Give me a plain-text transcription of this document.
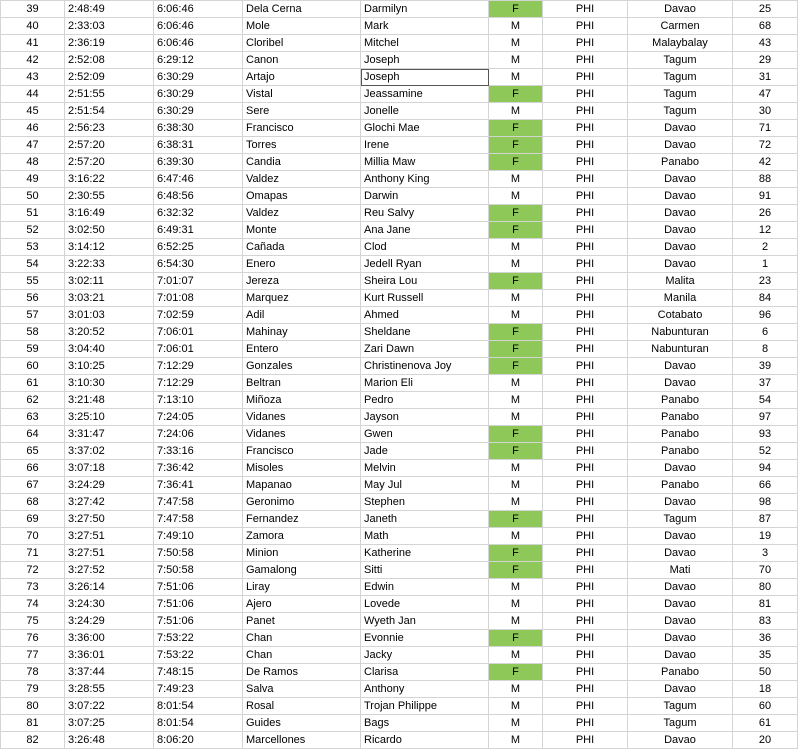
39	2:48:49	6:06:46	Dela Cerna	Darmilyn	F	PHI	Davao	25
40	2:33:03	6:06:46	Mole	Mark	M	PHI	Carmen	68
41	2:36:19	6:06:46	Cloribel	Mitchel	M	PHI	Malaybalay	43
42	2:52:08	6:29:12	Canon	Joseph	M	PHI	Tagum	29
43	2:52:09	6:30:29	Artajo	Joseph	M	PHI	Tagum	31
44	2:51:55	6:30:29	Vistal	Jeassamine	F	PHI	Tagum	47
45	2:51:54	6:30:29	Sere	Jonelle	M	PHI	Tagum	30
46	2:56:23	6:38:30	Francisco	Glochi Mae	F	PHI	Davao	71
47	2:57:20	6:38:31	Torres	Irene	F	PHI	Davao	72
48	2:57:20	6:39:30	Candia	Millia Maw	F	PHI	Panabo	42
49	3:16:22	6:47:46	Valdez	Anthony King	M	PHI	Davao	88
50	2:30:55	6:48:56	Omapas	Darwin	M	PHI	Davao	91
51	3:16:49	6:32:32	Valdez	Reu Salvy	F	PHI	Davao	26
52	3:02:50	6:49:31	Monte	Ana Jane	F	PHI	Davao	12
53	3:14:12	6:52:25	Cañada	Clod	M	PHI	Davao	2
54	3:22:33	6:54:30	Enero	Jedell Ryan	M	PHI	Davao	1
55	3:02:11	7:01:07	Jereza	Sheira Lou	F	PHI	Malita	23
56	3:03:21	7:01:08	Marquez	Kurt Russell	M	PHI	Manila	84
57	3:01:03	7:02:59	Adil	Ahmed	M	PHI	Cotabato	96
58	3:20:52	7:06:01	Mahinay	Sheldane	F	PHI	Nabunturan	6
59	3:04:40	7:06:01	Entero	Zari Dawn	F	PHI	Nabunturan	8
60	3:10:25	7:12:29	Gonzales	Christinenova Joy	F	PHI	Davao	39
61	3:10:30	7:12:29	Beltran	Marion Eli	M	PHI	Davao	37
62	3:21:48	7:13:10	Miñoza	Pedro	M	PHI	Panabo	54
63	3:25:10	7:24:05	Vidanes	Jayson	M	PHI	Panabo	97
64	3:31:47	7:24:06	Vidanes	Gwen	F	PHI	Panabo	93
65	3:37:02	7:33:16	Francisco	Jade	F	PHI	Panabo	52
66	3:07:18	7:36:42	Misoles	Melvin	M	PHI	Davao	94
67	3:24:29	7:36:41	Mapanao	May Jul	M	PHI	Panabo	66
68	3:27:42	7:47:58	Geronimo	Stephen	M	PHI	Davao	98
69	3:27:50	7:47:58	Fernandez	Janeth	F	PHI	Tagum	87
70	3:27:51	7:49:10	Zamora	Math	M	PHI	Davao	19
71	3:27:51	7:50:58	Minion	Katherine	F	PHI	Davao	3
72	3:27:52	7:50:58	Gamalong	Sitti	F	PHI	Mati	70
73	3:26:14	7:51:06	Liray	Edwin	M	PHI	Davao	80
74	3:24:30	7:51:06	Ajero	Lovede	M	PHI	Davao	81
75	3:24:29	7:51:06	Panet	Wyeth Jan	M	PHI	Davao	83
76	3:36:00	7:53:22	Chan	Evonnie	F	PHI	Davao	36
77	3:36:01	7:53:22	Chan	Jacky	M	PHI	Davao	35
78	3:37:44	7:48:15	De Ramos	Clarisa	F	PHI	Panabo	50
79	3:28:55	7:49:23	Salva	Anthony	M	PHI	Davao	18
80	3:07:22	8:01:54	Rosal	Trojan Philippe	M	PHI	Tagum	60
81	3:07:25	8:01:54	Guides	Bags	M	PHI	Tagum	61
82	3:26:48	8:06:20	Marcellones	Ricardo	M	PHI	Davao	20
